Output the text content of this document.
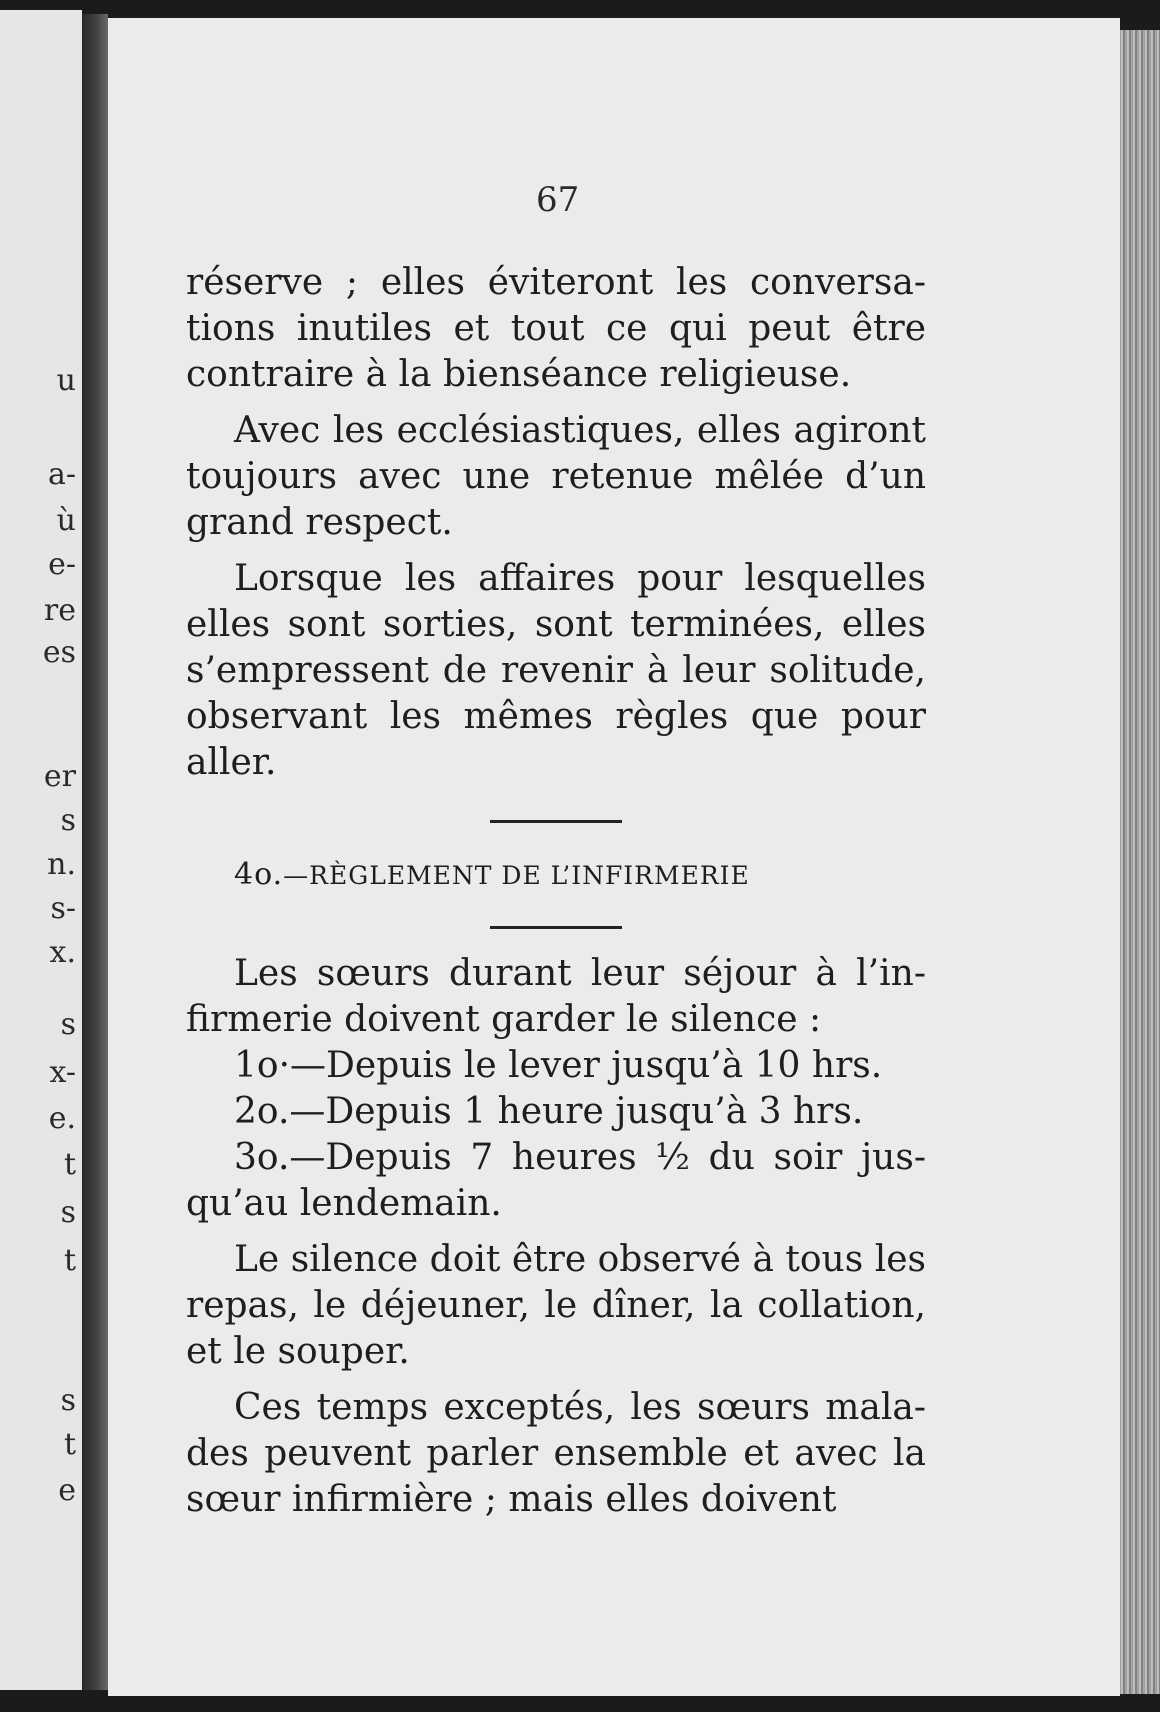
u

a-

ù

e-

re

es

er

s

n.

s-

x.

s

x-

e.

t

s

t

s

t

e

67

réserve ; elles éviteront les conversations inutiles et tout ce qui peut être contraire à la bienséance religieuse.

Avec les ecclésiastiques, elles agiront toujours avec une retenue mêlée d’un grand respect.

Lorsque les affaires pour lesquelles elles sont sorties, sont terminées, elles s’empressent de revenir à leur solitude, observant les mêmes règles que pour aller.

4o.—RÈGLEMENT DE L’INFIRMERIE

Les sœurs durant leur séjour à l’infirmerie doivent garder le silence :

1o·—Depuis le lever jusqu’à 10 hrs.

2o.—Depuis 1 heure jusqu’à 3 hrs.

3o.—Depuis 7 heures ½ du soir jusqu’au lendemain.

Le silence doit être observé à tous les repas, le déjeuner, le dîner, la collation, et le souper.

Ces temps exceptés, les sœurs malades peuvent parler ensemble et avec la sœur infirmière ; mais elles doivent
